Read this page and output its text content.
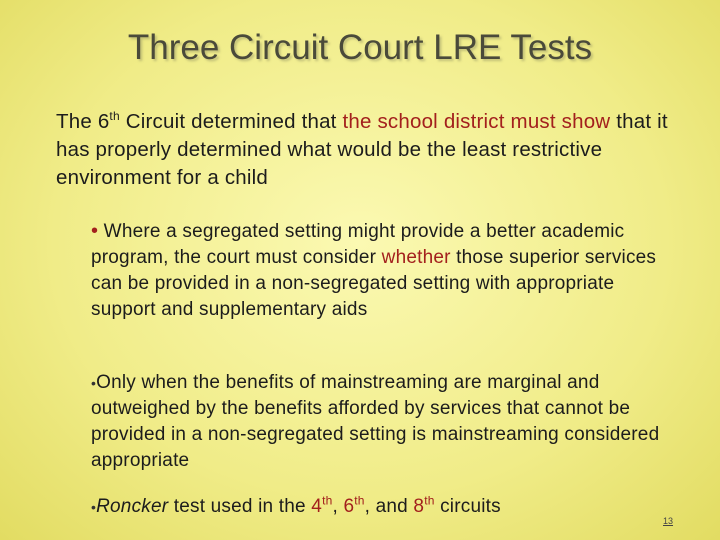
Three Circuit Court LRE Tests

The 6th Circuit determined that the school district must show that it has properly determined what would be the least restrictive environment for a child

• Where a segregated setting might provide a better academic program, the court must consider whether those superior services can be provided in a non-segregated setting with appropriate support and supplementary aids

•Only when the benefits of mainstreaming are marginal and outweighed by the benefits afforded by services that cannot be provided in a non-segregated setting is mainstreaming considered appropriate

•Roncker test used in the 4th, 6th, and 8th circuits

13
